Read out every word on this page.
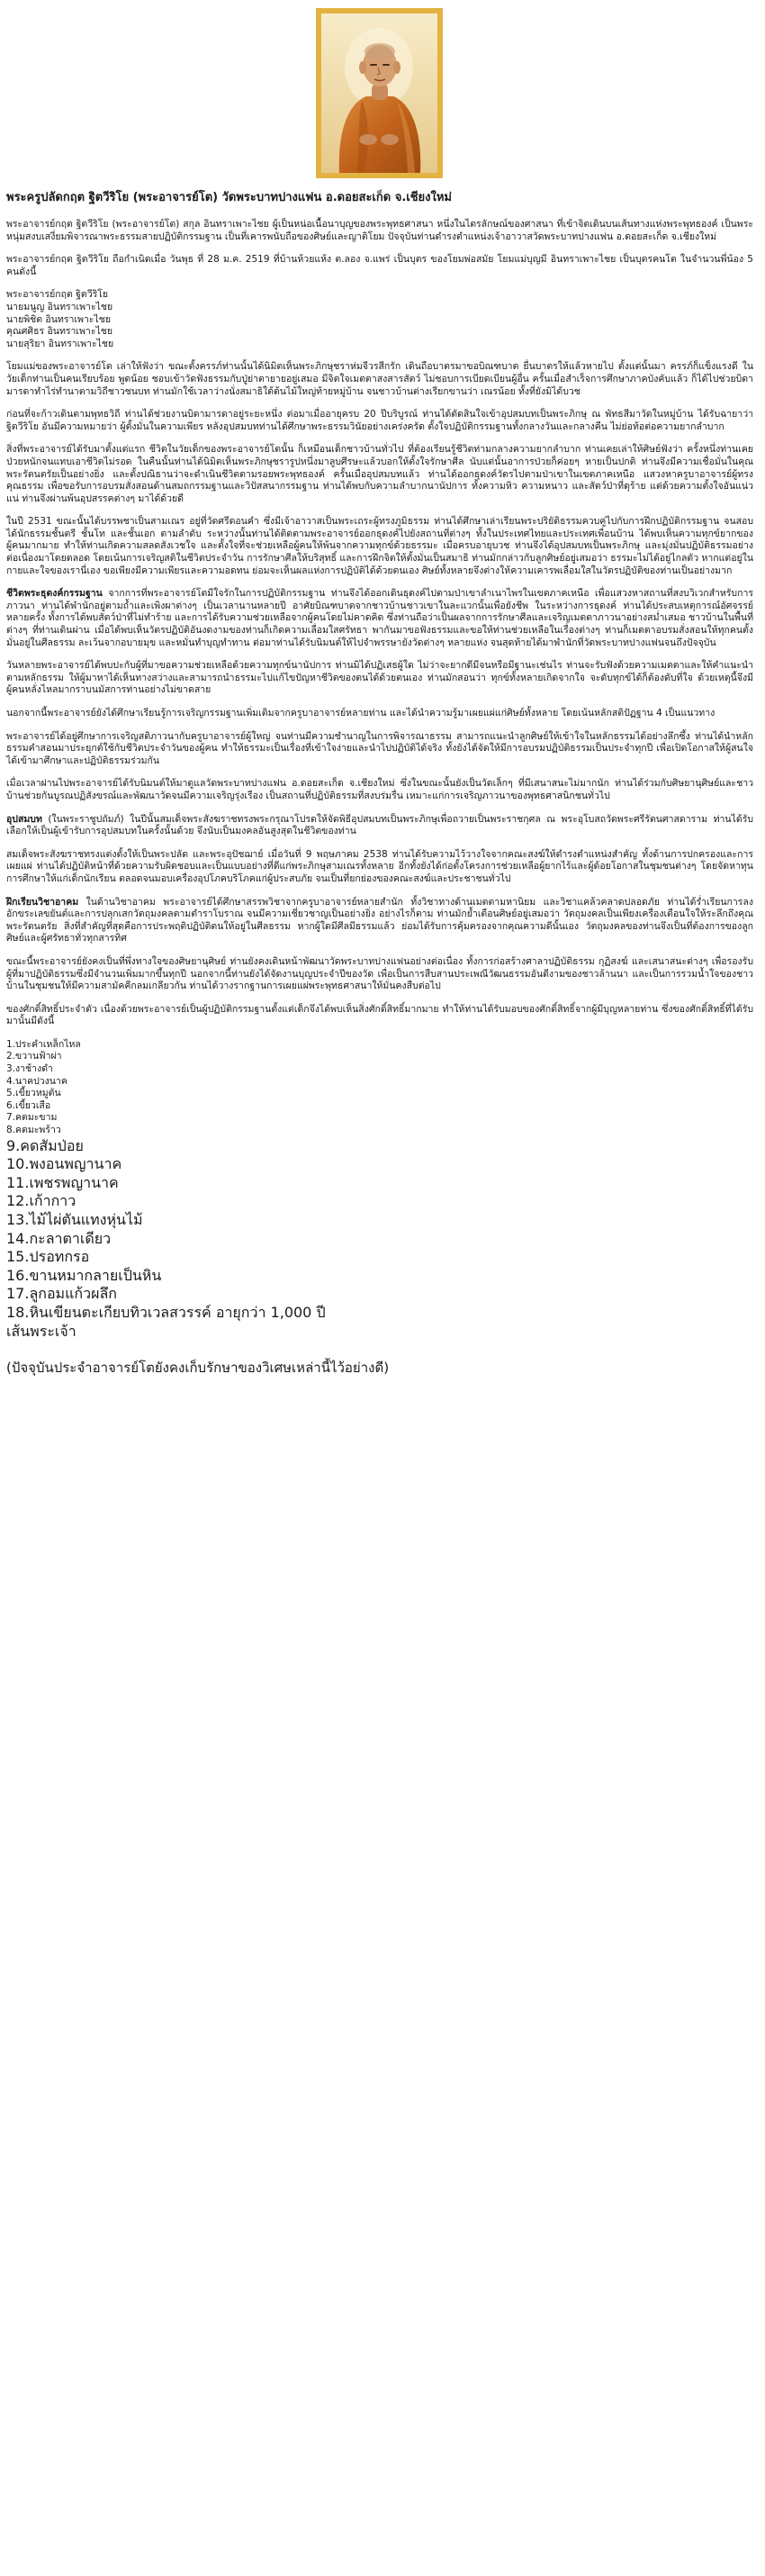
พระครูปลัดกฤต ฐิตวีริโย (พระอาจารย์โต) วัดพระบาทปางแฟน อ.ดอยสะเก็ด จ.เชียงใหม่

พระอาจารย์กฤต ฐิตวีริโย (พระอาจารย์โต) สกุล อินทราเพาะไชย ผู้เป็นหน่อเนื้อนาบุญของพระพุทธศาสนา หนึ่งในไตรลักษณ์ของศาสนา ที่เข้าจิตเดินบนเส้นทางแห่งพระพุทธองค์ เป็นพระหนุ่มสงบเสงี่ยมพิจารณาพระธรรมสายปฏิบัติกรรมฐาน เป็นที่เคารพนับถือของศิษย์และญาติโยม ปัจจุบันท่านดำรงตำแหน่งเจ้าอาวาสวัดพระบาทปางแฟน อ.ดอยสะเก็ด จ.เชียงใหม่

พระอาจารย์กฤต ฐิตวีริโย ถือกำเนิดเมื่อ วันพุธ ที่ 28 ม.ค. 2519 ที่บ้านห้วยแห้ง ต.ลอง จ.แพร่ เป็นบุตร ของโยมพ่อสมัย โยมแม่บุญมี อินทราเพาะไชย เป็นบุตรคนโต ในจำนวนพี่น้อง 5 คนดังนี้

พระอาจารย์กฤต ฐิตวีริโย

นายมนูญ อินทราเพาะไชย

นายพิชิต อินทราเพาะไชย

คุณศศิธร อินทราเพาะไชย

นายสุริยา อินทราเพาะไชย

โยมแม่ของพระอาจารย์โต เล่าให้ฟังว่า ขณะตั้งครรภ์ท่านนั้นได้นิมิตเห็นพระภิกษุชราห่มจีวรสีกรัก เดินถือบาตรมาขอบิณฑบาต ยื่นบาตรให้แล้วหายไป ตั้งแต่นั้นมา ครรภ์ก็แข็งแรงดี ในวัยเด็กท่านเป็นคนเรียบร้อย พูดน้อย ชอบเข้าวัดฟังธรรมกับปู่ย่าตายายอยู่เสมอ มีจิตใจเมตตาสงสารสัตว์ ไม่ชอบการเบียดเบียนผู้อื่น ครั้นเมื่อสำเร็จการศึกษาภาคบังคับแล้ว ก็ได้ไปช่วยบิดามารดาทำไร่ทำนาตามวิถีชาวชนบท ท่านมักใช้เวลาว่างนั่งสมาธิใต้ต้นไม้ใหญ่ท้ายหมู่บ้าน จนชาวบ้านต่างเรียกขานว่า เณรน้อย ทั้งที่ยังมิได้บวช

ก่อนที่จะก้าวเดินตามพุทธวิถี ท่านได้ช่วยงานบิดามารดาอยู่ระยะหนึ่ง ต่อมาเมื่ออายุครบ 20 ปีบริบูรณ์ ท่านได้ตัดสินใจเข้าอุปสมบทเป็นพระภิกษุ ณ พัทธสีมาวัดในหมู่บ้าน ได้รับฉายาว่า ฐิตวีริโย อันมีความหมายว่า ผู้ตั้งมั่นในความเพียร หลังอุปสมบทท่านได้ศึกษาพระธรรมวินัยอย่างเคร่งครัด ตั้งใจปฏิบัติกรรมฐานทั้งกลางวันและกลางคืน ไม่ย่อท้อต่อความยากลำบาก

สิ่งที่พระอาจารย์ได้รับมาตั้งแต่แรก ชีวิตในวัยเด็กของพระอาจารย์โตนั้น ก็เหมือนเด็กชาวบ้านทั่วไป ที่ต้องเรียนรู้ชีวิตท่ามกลางความยากลำบาก ท่านเคยเล่าให้ศิษย์ฟังว่า ครั้งหนึ่งท่านเคยป่วยหนักจนแทบเอาชีวิตไม่รอด ในคืนนั้นท่านได้นิมิตเห็นพระภิกษุชรารูปหนึ่งมาลูบศีรษะแล้วบอกให้ตั้งใจรักษาศีล นับแต่นั้นอาการป่วยก็ค่อยๆ หายเป็นปกติ ท่านจึงมีความเชื่อมั่นในคุณพระรัตนตรัยเป็นอย่างยิ่ง และตั้งปณิธานว่าจะดำเนินชีวิตตามรอยพระพุทธองค์ ครั้นเมื่ออุปสมบทแล้ว ท่านได้ออกธุดงค์วัตรไปตามป่าเขาในเขตภาคเหนือ แสวงหาครูบาอาจารย์ผู้ทรงคุณธรรม เพื่อขอรับการอบรมสั่งสอนด้านสมถกรรมฐานและวิปัสสนากรรมฐาน ท่านได้พบกับความลำบากนานัปการ ทั้งความหิว ความหนาว และสัตว์ป่าที่ดุร้าย แต่ด้วยความตั้งใจอันแน่วแน่ ท่านจึงผ่านพ้นอุปสรรคต่างๆ มาได้ด้วยดี

ในปี 2531 ขณะนั้นได้บรรพชาเป็นสามเณร อยู่ที่วัดศรีดอนคำ ซึ่งมีเจ้าอาวาสเป็นพระเถระผู้ทรงภูมิธรรม ท่านได้ศึกษาเล่าเรียนพระปริยัติธรรมควบคู่ไปกับการฝึกปฏิบัติกรรมฐาน จนสอบได้นักธรรมชั้นตรี ชั้นโท และชั้นเอก ตามลำดับ ระหว่างนั้นท่านได้ติดตามพระอาจารย์ออกธุดงค์ไปยังสถานที่ต่างๆ ทั้งในประเทศไทยและประเทศเพื่อนบ้าน ได้พบเห็นความทุกข์ยากของผู้คนมากมาย ทำให้ท่านเกิดความสลดสังเวชใจ และตั้งใจที่จะช่วยเหลือผู้คนให้พ้นจากความทุกข์ด้วยธรรมะ เมื่อครบอายุบวช ท่านจึงได้อุปสมบทเป็นพระภิกษุ และมุ่งมั่นปฏิบัติธรรมอย่างต่อเนื่องมาโดยตลอด โดยเน้นการเจริญสติในชีวิตประจำวัน การรักษาศีลให้บริสุทธิ์ และการฝึกจิตให้ตั้งมั่นเป็นสมาธิ ท่านมักกล่าวกับลูกศิษย์อยู่เสมอว่า ธรรมะไม่ได้อยู่ไกลตัว หากแต่อยู่ในกายและใจของเรานี่เอง ขอเพียงมีความเพียรและความอดทน ย่อมจะเห็นผลแห่งการปฏิบัติได้ด้วยตนเอง ศิษย์ทั้งหลายจึงต่างให้ความเคารพเลื่อมใสในวัตรปฏิบัติของท่านเป็นอย่างมาก

ชีวิตพระธุดงค์กรรมฐาน จากการที่พระอาจารย์โตมีใจรักในการปฏิบัติกรรมฐาน ท่านจึงได้ออกเดินธุดงค์ไปตามป่าเขาลำเนาไพรในเขตภาคเหนือ เพื่อแสวงหาสถานที่สงบวิเวกสำหรับการภาวนา ท่านได้พำนักอยู่ตามถ้ำและเพิงผาต่างๆ เป็นเวลานานหลายปี อาศัยบิณฑบาตจากชาวบ้านชาวเขาในละแวกนั้นเพื่อยังชีพ ในระหว่างการธุดงค์ ท่านได้ประสบเหตุการณ์อัศจรรย์หลายครั้ง ทั้งการได้พบสัตว์ป่าที่ไม่ทำร้าย และการได้รับความช่วยเหลือจากผู้คนโดยไม่คาดคิด ซึ่งท่านถือว่าเป็นผลจากการรักษาศีลและเจริญเมตตาภาวนาอย่างสม่ำเสมอ ชาวบ้านในพื้นที่ต่างๆ ที่ท่านเดินผ่าน เมื่อได้พบเห็นวัตรปฏิบัติอันงดงามของท่านก็เกิดความเลื่อมใสศรัทธา พากันมาขอฟังธรรมและขอให้ท่านช่วยเหลือในเรื่องต่างๆ ท่านก็เมตตาอบรมสั่งสอนให้ทุกคนตั้งมั่นอยู่ในศีลธรรม ละเว้นจากอบายมุข และหมั่นทำบุญทำทาน ต่อมาท่านได้รับนิมนต์ให้ไปจำพรรษายังวัดต่างๆ หลายแห่ง จนสุดท้ายได้มาพำนักที่วัดพระบาทปางแฟนจนถึงปัจจุบัน

วันหลายพระอาจารย์ได้พบปะกับผู้ที่มาขอความช่วยเหลือด้วยความทุกข์นานัปการ ท่านมิได้ปฏิเสธผู้ใด ไม่ว่าจะยากดีมีจนหรือมีฐานะเช่นไร ท่านจะรับฟังด้วยความเมตตาและให้คำแนะนำตามหลักธรรม ให้ผู้มาหาได้เห็นทางสว่างและสามารถนำธรรมะไปแก้ไขปัญหาชีวิตของตนได้ด้วยตนเอง ท่านมักสอนว่า ทุกข์ทั้งหลายเกิดจากใจ จะดับทุกข์ได้ก็ต้องดับที่ใจ ด้วยเหตุนี้จึงมีผู้คนหลั่งไหลมากราบนมัสการท่านอย่างไม่ขาดสาย

นอกจากนี้พระอาจารย์ยังได้ศึกษาเรียนรู้การเจริญกรรมฐานเพิ่มเติมจากครูบาอาจารย์หลายท่าน และได้นำความรู้มาเผยแผ่แก่ศิษย์ทั้งหลาย โดยเน้นหลักสติปัฏฐาน 4 เป็นแนวทาง

พระอาจารย์ได้อยู่ศึกษาการเจริญสติภาวนากับครูบาอาจารย์ผู้ใหญ่ จนท่านมีความชำนาญในการพิจารณาธรรม สามารถแนะนำลูกศิษย์ให้เข้าใจในหลักธรรมได้อย่างลึกซึ้ง ท่านได้นำหลักธรรมคำสอนมาประยุกต์ใช้กับชีวิตประจำวันของผู้คน ทำให้ธรรมะเป็นเรื่องที่เข้าใจง่ายและนำไปปฏิบัติได้จริง ทั้งยังได้จัดให้มีการอบรมปฏิบัติธรรมเป็นประจำทุกปี เพื่อเปิดโอกาสให้ผู้สนใจได้เข้ามาศึกษาและปฏิบัติธรรมร่วมกัน

เมื่อเวลาผ่านไปพระอาจารย์ได้รับนิมนต์ให้มาดูแลวัดพระบาทปางแฟน อ.ดอยสะเก็ด จ.เชียงใหม่ ซึ่งในขณะนั้นยังเป็นวัดเล็กๆ ที่มีเสนาสนะไม่มากนัก ท่านได้ร่วมกับศิษยานุศิษย์และชาวบ้านช่วยกันบูรณปฏิสังขรณ์และพัฒนาวัดจนมีความเจริญรุ่งเรือง เป็นสถานที่ปฏิบัติธรรมที่สงบร่มรื่น เหมาะแก่การเจริญภาวนาของพุทธศาสนิกชนทั่วไป

อุปสมบท (ในพระราชูปถัมภ์) ในปีนั้นสมเด็จพระสังฆราชทรงพระกรุณาโปรดให้จัดพิธีอุปสมบทเป็นพระภิกษุเพื่อถวายเป็นพระราชกุศล ณ พระอุโบสถวัดพระศรีรัตนศาสดาราม ท่านได้รับเลือกให้เป็นผู้เข้ารับการอุปสมบทในครั้งนั้นด้วย จึงนับเป็นมงคลอันสูงสุดในชีวิตของท่าน

สมเด็จพระสังฆราชทรงแต่งตั้งให้เป็นพระปลัด และพระอุปัชฌาย์ เมื่อวันที่ 9 พฤษภาคม 2538 ท่านได้รับความไว้วางใจจากคณะสงฆ์ให้ดำรงตำแหน่งสำคัญ ทั้งด้านการปกครองและการเผยแผ่ ท่านได้ปฏิบัติหน้าที่ด้วยความรับผิดชอบและเป็นแบบอย่างที่ดีแก่พระภิกษุสามเณรทั้งหลาย อีกทั้งยังได้ก่อตั้งโครงการช่วยเหลือผู้ยากไร้และผู้ด้อยโอกาสในชุมชนต่างๆ โดยจัดหาทุนการศึกษาให้แก่เด็กนักเรียน ตลอดจนมอบเครื่องอุปโภคบริโภคแก่ผู้ประสบภัย จนเป็นที่ยกย่องของคณะสงฆ์และประชาชนทั่วไป

ฝึกเรียนวิชาอาคม ในด้านวิชาอาคม พระอาจารย์ได้ศึกษาสรรพวิชาจากครูบาอาจารย์หลายสำนัก ทั้งวิชาทางด้านเมตตามหานิยม และวิชาแคล้วคลาดปลอดภัย ท่านได้ร่ำเรียนการลงอักขระเลขยันต์และการปลุกเสกวัตถุมงคลตามตำราโบราณ จนมีความเชี่ยวชาญเป็นอย่างยิ่ง อย่างไรก็ตาม ท่านมักย้ำเตือนศิษย์อยู่เสมอว่า วัตถุมงคลเป็นเพียงเครื่องเตือนใจให้ระลึกถึงคุณพระรัตนตรัย สิ่งที่สำคัญที่สุดคือการประพฤติปฏิบัติตนให้อยู่ในศีลธรรม หากผู้ใดมีศีลมีธรรมแล้ว ย่อมได้รับการคุ้มครองจากคุณความดีนั้นเอง วัตถุมงคลของท่านจึงเป็นที่ต้องการของลูกศิษย์และผู้ศรัทธาทั่วทุกสารทิศ

ขณะนี้พระอาจารย์ยังคงเป็นที่พึ่งทางใจของศิษยานุศิษย์ ท่านยังคงเดินหน้าพัฒนาวัดพระบาทปางแฟนอย่างต่อเนื่อง ทั้งการก่อสร้างศาลาปฏิบัติธรรม กุฏิสงฆ์ และเสนาสนะต่างๆ เพื่อรองรับผู้ที่มาปฏิบัติธรรมซึ่งมีจำนวนเพิ่มมากขึ้นทุกปี นอกจากนี้ท่านยังได้จัดงานบุญประจำปีของวัด เพื่อเป็นการสืบสานประเพณีวัฒนธรรมอันดีงามของชาวล้านนา และเป็นการรวมน้ำใจของชาวบ้านในชุมชนให้มีความสามัคคีกลมเกลียวกัน ท่านได้วางรากฐานการเผยแผ่พระพุทธศาสนาให้มั่นคงสืบต่อไป

ของศักดิ์สิทธิ์ประจำตัว เนื่องด้วยพระอาจารย์เป็นผู้ปฏิบัติกรรมฐานตั้งแต่เด็กจึงได้พบเห็นสิ่งศักดิ์สิทธิ์มากมาย ทำให้ท่านได้รับมอบของศักดิ์สิทธิ์จากผู้มีบุญหลายท่าน ซึ่งของศักดิ์สิทธิ์ที่ได้รับมานั้นมีดังนี้

1.ประคำเหล็กไหล

2.ขวานฟ้าผ่า

3.งาช้างดำ

4.นาคปวงนาค

5.เขี้ยวหมูตัน

6.เขี้ยวเสือ

7.คตมะขาม

8.คตมะพร้าว

9.คดสัมป่อย

10.พงอนพญานาค

11.เพชรพญานาค

12.เก้ากาว

13.ไม้ไผ่ตันแทงหุ่นไม้

14.กะลาตาเดียว

15.ปรอทกรอ

16.ขานหมากลายเป็นหิน

17.ลูกอมแก้วผลึก

18.หินเขียนตะเกียบทิวเวลสวรรค์ อายุกว่า 1,000 ปี

เส้นพระเจ้า

(ปัจจุบันประจำอาจารย์โตยังคงเก็บรักษาของวิเศษเหล่านี้ไว้อย่างดี)
